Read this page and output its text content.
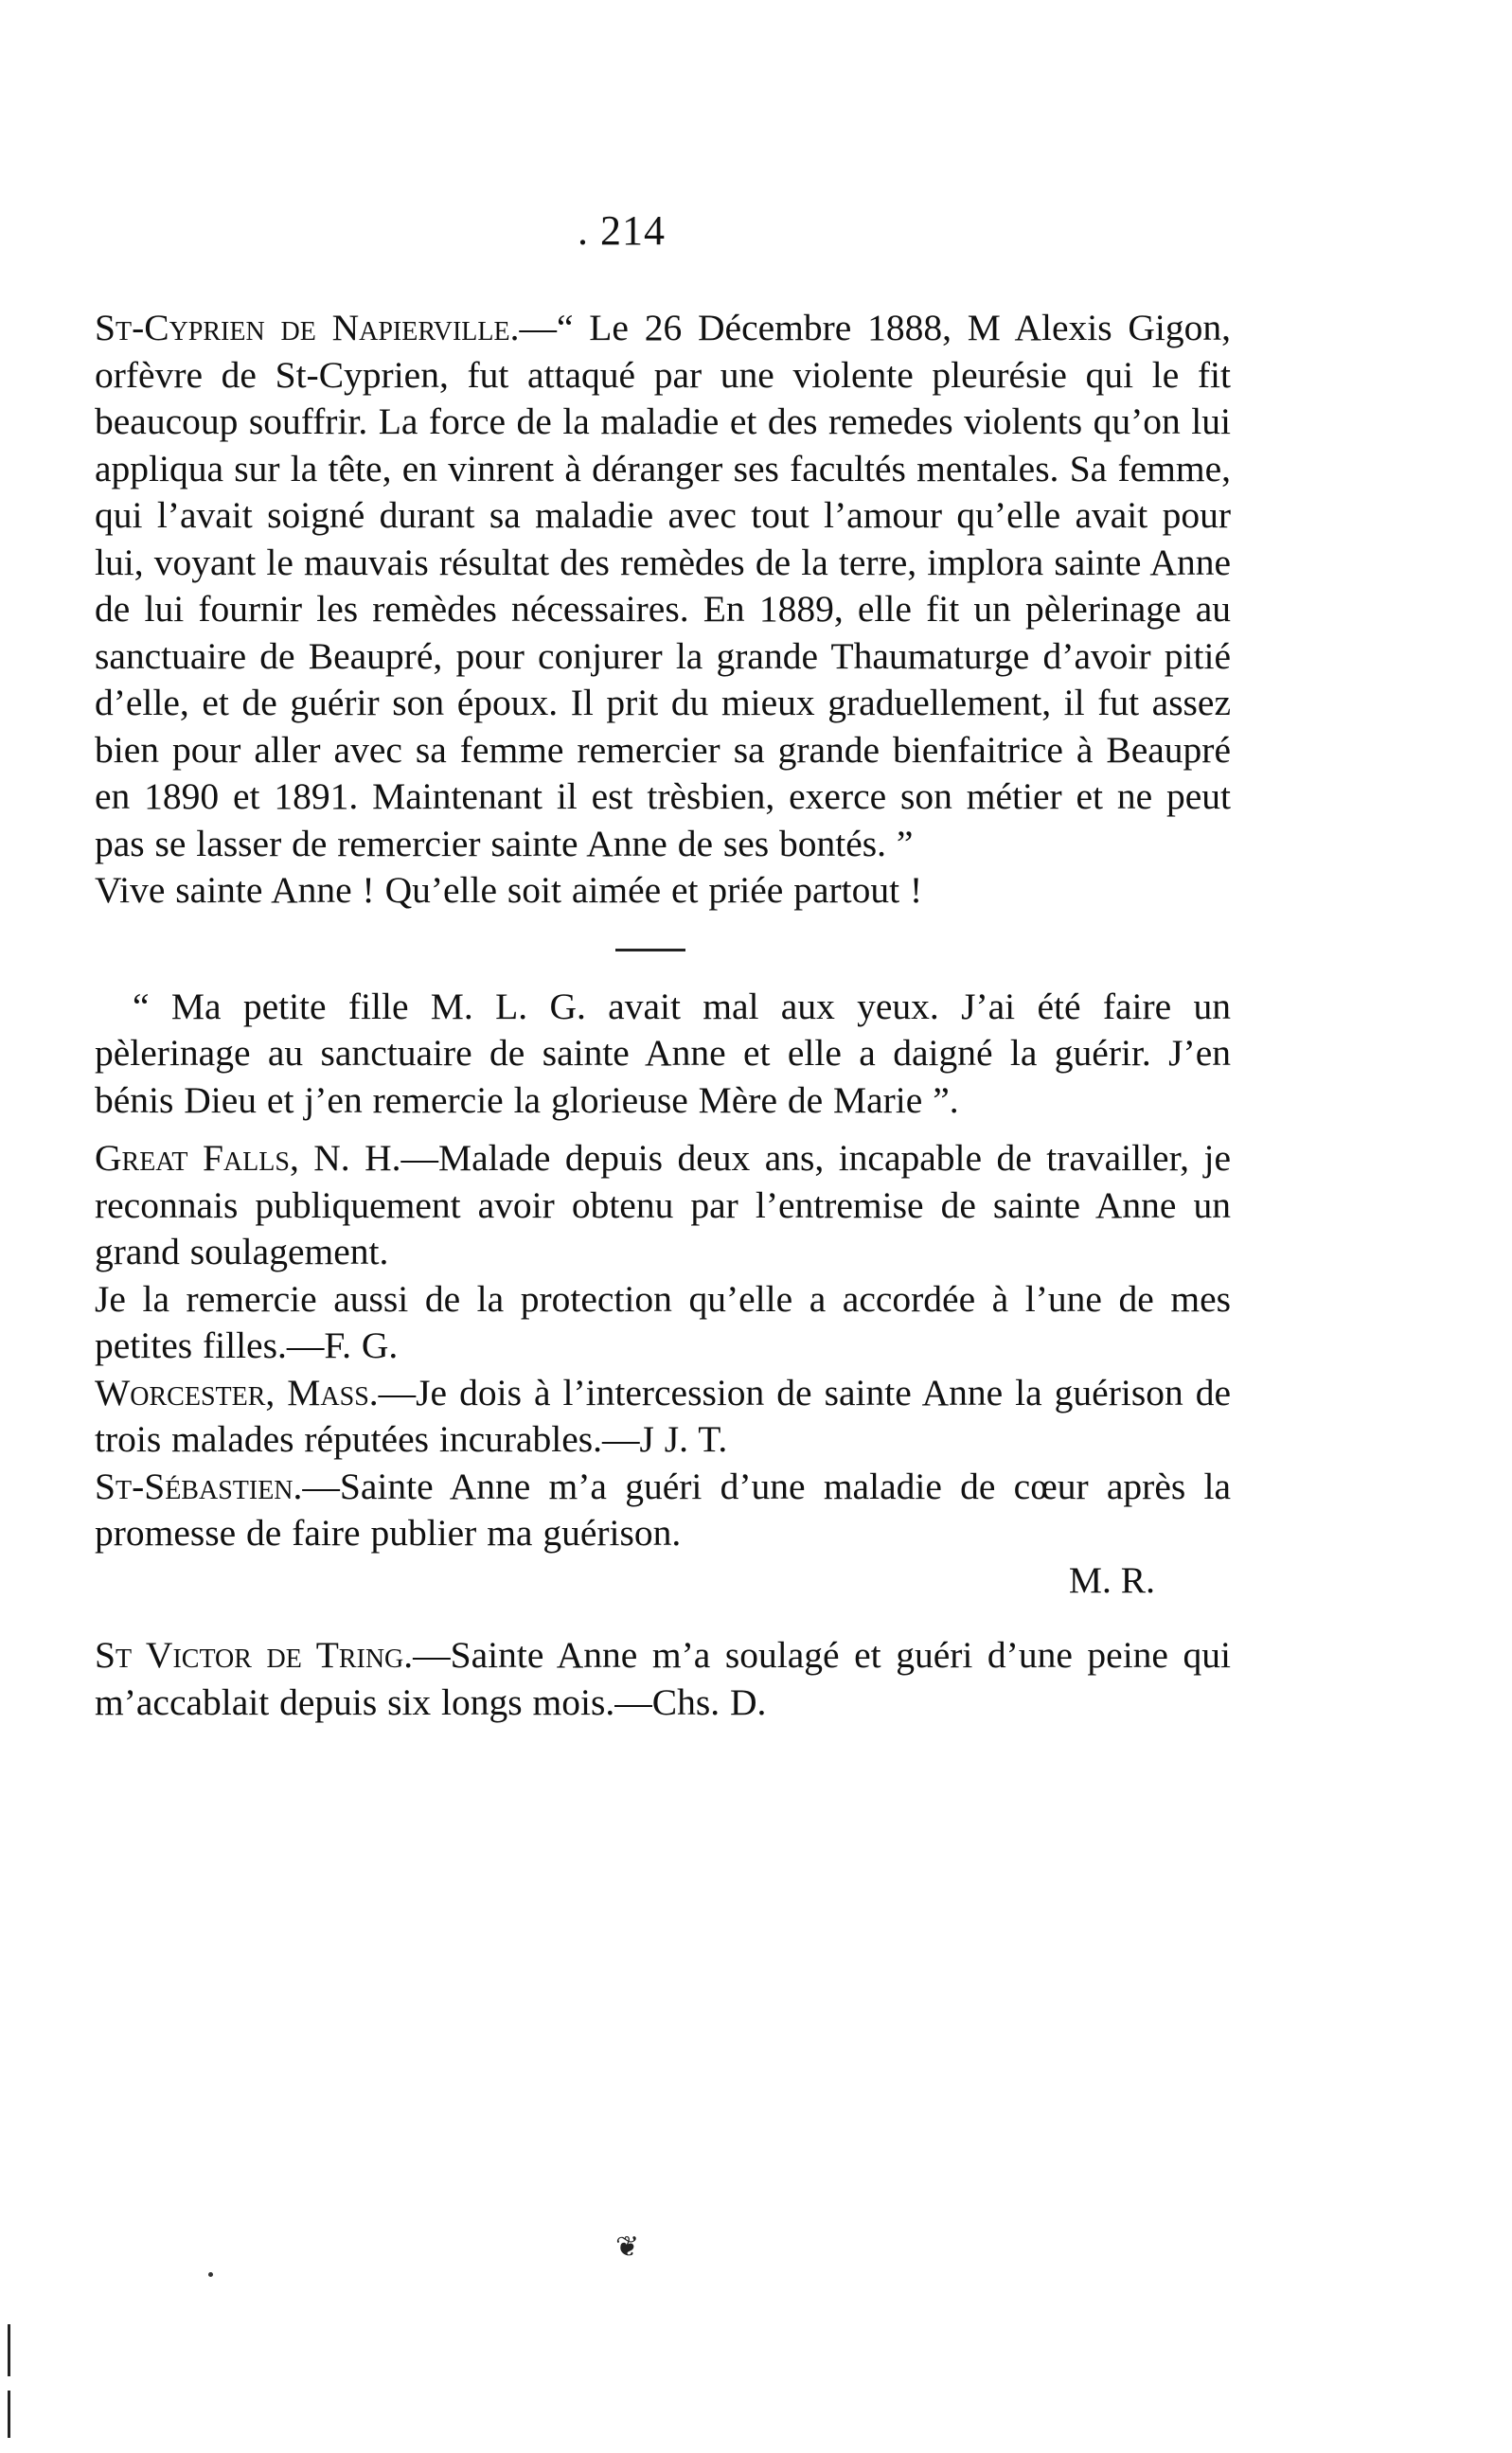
. 214

St-Cyprien de Napierville.—“ Le 26 Décembre 1888, M Alexis Gigon, orfèvre de St-Cyprien, fut attaqué par une violente pleurésie qui le fit beaucoup souffrir. La force de la maladie et des remedes violents qu’on lui appliqua sur la tête, en vinrent à déranger ses facultés mentales. Sa femme, qui l’avait soigné durant sa maladie avec tout l’amour qu’elle avait pour lui, voyant le mauvais résultat des remèdes de la terre, implora sainte Anne de lui fournir les remèdes nécessaires. En 1889, elle fit un pèlerinage au sanctuaire de Beaupré, pour conjurer la grande Thaumaturge d’avoir pitié d’elle, et de guérir son époux. Il prit du mieux graduellement, il fut assez bien pour aller avec sa femme remercier sa grande bienfaitrice à Beaupré en 1890 et 1891. Maintenant il est trèsbien, exerce son métier et ne peut pas se lasser de remercier sainte Anne de ses bontés. ”

Vive sainte Anne ! Qu’elle soit aimée et priée partout !

“ Ma petite fille M. L. G. avait mal aux yeux. J’ai été faire un pèlerinage au sanctuaire de sainte Anne et elle a daigné la guérir. J’en bénis Dieu et j’en remercie la glorieuse Mère de Marie ”.

Great Falls, N. H.—Malade depuis deux ans, incapable de travailler, je reconnais publiquement avoir obtenu par l’entremise de sainte Anne un grand soulagement.

Je la remercie aussi de la protection qu’elle a accordée à l’une de mes petites filles.—F. G.

Worcester, Mass.—Je dois à l’intercession de sainte Anne la guérison de trois malades réputées incurables.—J J. T.

St-Sébastien.—Sainte Anne m’a guéri d’une maladie de cœur après la promesse de faire publier ma guérison.

M. R.

St Victor de Tring.—Sainte Anne m’a soulagé et guéri d’une peine qui m’accablait depuis six longs mois.—Chs. D.

❦
